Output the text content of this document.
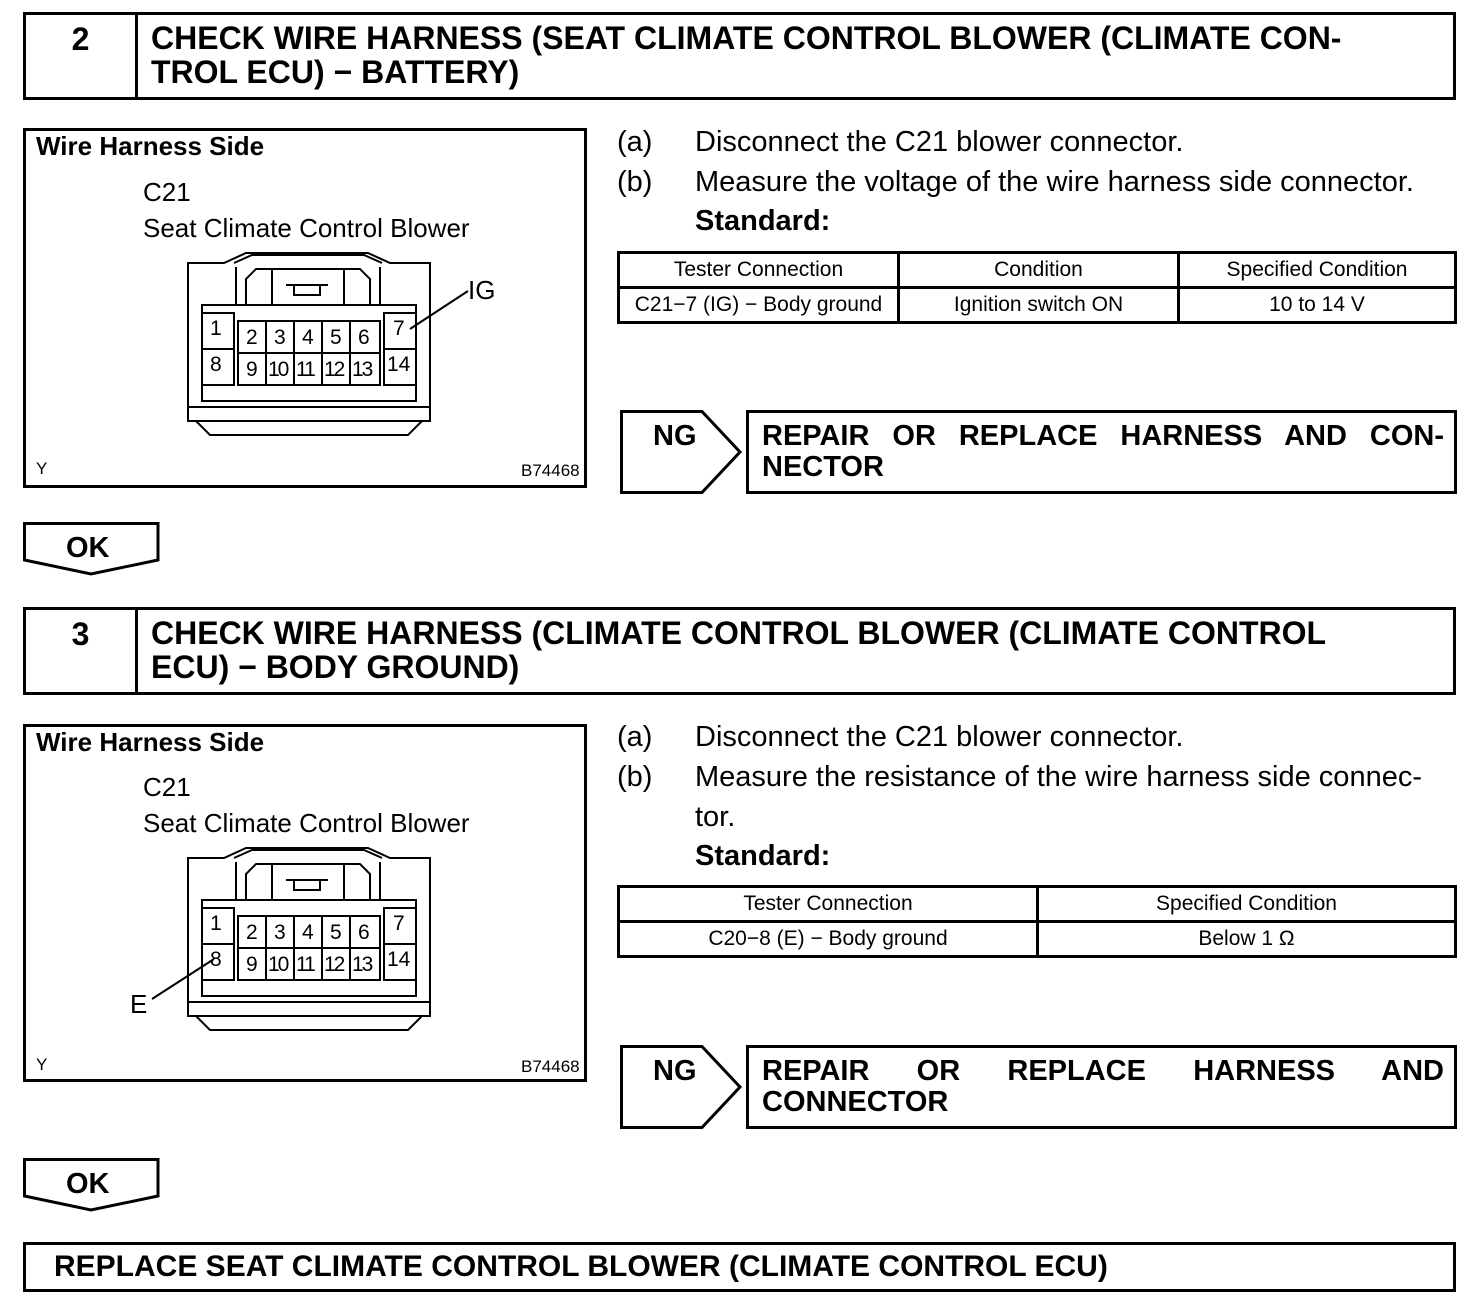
2	CHECK WIRE HARNESS (SEAT CLIMATE CONTROL BLOWER (CLIMATE CON-
TROL ECU) − BATTERY)
Wire Harness Side
C21
Seat Climate Control Blower
1 2 3 4 5 6 7
8 9 10 11 12 13 14
IG
Y	B74468
(a) Disconnect the C21 blower connector.
(b) Measure the voltage of the wire harness side connector.
Standard:
Tester Connection	Condition	Specified Condition
C21−7 (IG) − Body ground	Ignition switch ON	10 to 14 V
NG REPAIR OR REPLACE HARNESS AND CON-
NECTOR
OK
3	CHECK WIRE HARNESS (CLIMATE CONTROL BLOWER (CLIMATE CONTROL
ECU) − BODY GROUND)
Wire Harness Side
C21
Seat Climate Control Blower
1 2 3 4 5 6 7
8 9 10 11 12 13 14
E
Y	B74468
(a) Disconnect the C21 blower connector.
(b) Measure the resistance of the wire harness side connec-
tor.
Standard:
Tester Connection	Specified Condition
C20−8 (E) − Body ground	Below 1 Ω
NG REPAIR OR REPLACE HARNESS AND
CONNECTOR
OK
REPLACE SEAT CLIMATE CONTROL BLOWER (CLIMATE CONTROL ECU)
